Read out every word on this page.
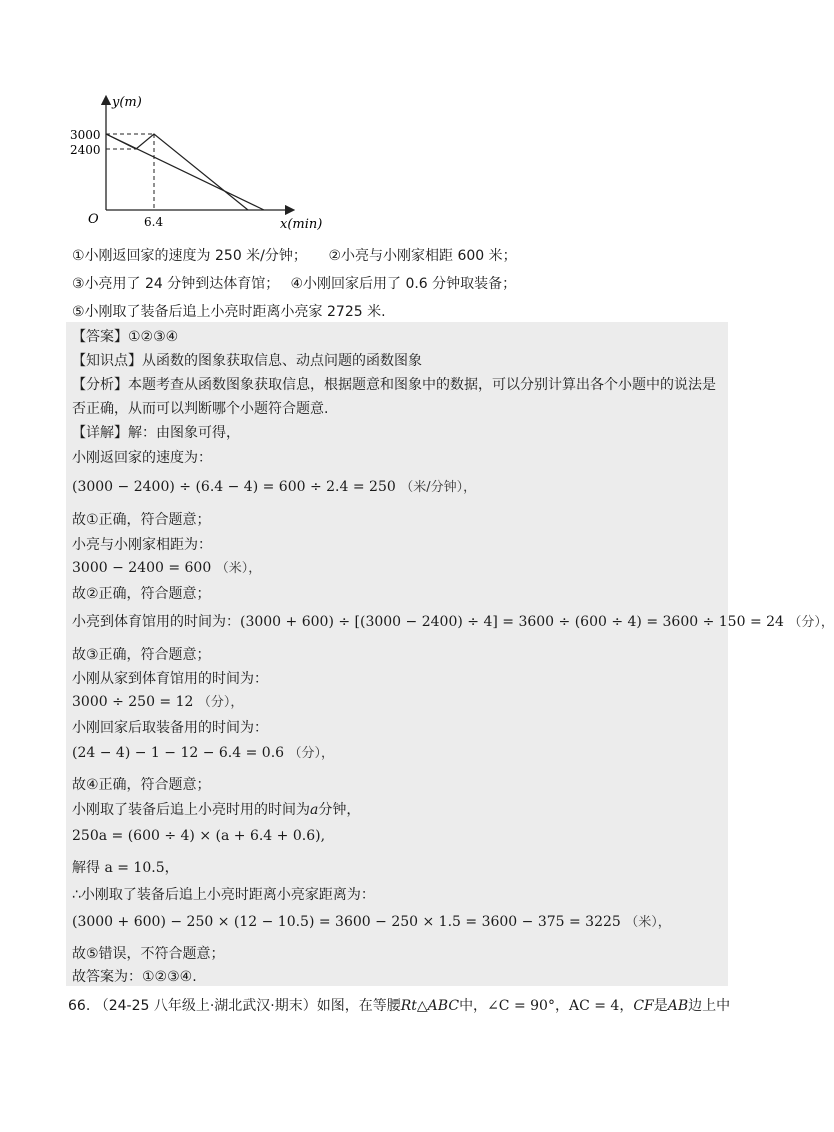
y(m)
x(min)
O
3000
2400
6.4
①小刚返回家的速度为 250 米/分钟； ②小亮与小刚家相距 600 米；
③小亮用了 24 分钟到达体育馆； ④小刚回家后用了 0.6 分钟取装备；
⑤小刚取了装备后追上小亮时距离小亮家 2725 米.
【答案】①②③④
【知识点】从函数的图象获取信息、动点问题的函数图象
【分析】本题考查从函数图象获取信息，根据题意和图象中的数据，可以分别计算出各个小题中的说法是
否正确，从而可以判断哪个小题符合题意.
【详解】解：由图象可得，
小刚返回家的速度为：
(3000 − 2400) ÷ (6.4 − 4) = 600 ÷ 2.4 = 250 （米/分钟），
故①正确，符合题意；
小亮与小刚家相距为：
3000 − 2400 = 600 （米），
故②正确，符合题意；
小亮到体育馆用的时间为：(3000 + 600) ÷ [(3000 − 2400) ÷ 4] = 3600 ÷ (600 ÷ 4) = 3600 ÷ 150 = 24 （分），
故③正确，符合题意；
小刚从家到体育馆用的时间为：
3000 ÷ 250 = 12 （分），
小刚回家后取装备用的时间为：
(24 − 4) − 1 − 12 − 6.4 = 0.6 （分），
故④正确，符合题意；
小刚取了装备后追上小亮时用的时间为a分钟，
250a = (600 ÷ 4) × (a + 6.4 + 0.6),
解得 a = 10.5，
∴小刚取了装备后追上小亮时距离小亮家距离为：
(3000 + 600) − 250 × (12 − 10.5) = 3600 − 250 × 1.5 = 3600 − 375 = 3225 （米），
故⑤错误，不符合题意；
故答案为：①②③④.
66. （24-25 八年级上·湖北武汉·期末）如图，在等腰Rt△ABC中，∠C = 90°，AC = 4，CF是AB边上中
